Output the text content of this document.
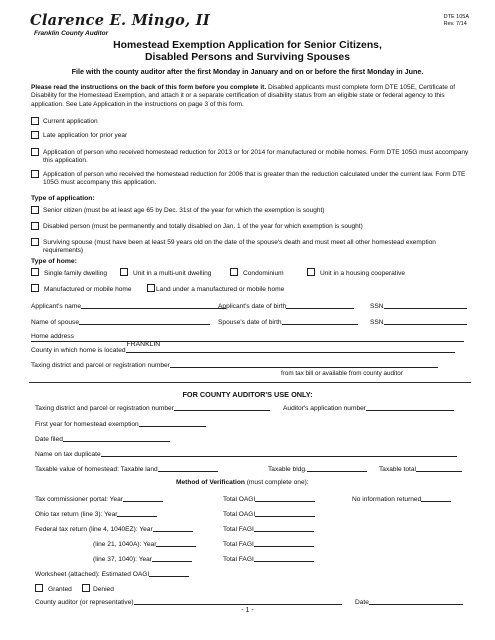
Clarence E. Mingo, II
Franklin County Auditor
DTE 105A
Rev. 7/14
Homestead Exemption Application for Senior Citizens,
Disabled Persons and Surviving Spouses
File with the county auditor after the first Monday in January and on or before the first Monday in June.
Please read the instructions on the back of this form before you complete it. Disabled applicants must complete form DTE 105E, Certificate of Disability for the Homestead Exemption, and attach it or a separate certification of disability status from an eligible state or federal agency to this application. See Late Application in the instructions on page 3 of this form.
Current application
Late application for prior year
Application of person who received homestead reduction for 2013 or for 2014 for manufactured or mobile homes. Form DTE 105G must accompany this application.
Application of person who received the homestead reduction for 2006 that is greater than the reduction calculated under the current law. Form DTE 105G must accompany this application.
Type of application:
Senior citizen (must be at least age 65 by Dec. 31st of the year for which the exemption is sought)
Disabled person (must be permanently and totally disabled on Jan. 1 of the year for which exemption is sought)
Surviving spouse (must have been at least 59 years old on the date of the spouse's death and must meet all other homestead exemption requirements)
Type of home:
Single family dwelling	Unit in a multi-unit dwelling	Condominium	Unit in a housing cooperative
Manufactured or mobile home	Land under a manufactured or mobile home
Applicant's name	Applicant's date of birth	SSN
Name of spouse	Spouse's date of birth	SSN
Home address
County in which home is located
FRANKLIN
Taxing district and parcel or registration number
from tax bill or available from county auditor
FOR COUNTY AUDITOR'S USE ONLY:
Taxing district and parcel or registration number	Auditor's application number
First year for homestead exemption
Date filed
Name on tax duplicate
Taxable value of homestead: Taxable land	Taxable bldg.	Taxable total
Method of Verification (must complete one):
Tax commissioner portal: Year	Total OAGI	No information returned
Ohio tax return (line 3): Year	Total OAGI
Federal tax return (line 4, 1040EZ): Year	Total FAGI
(line 21, 1040A): Year	Total FAGI
(line 37, 1040): Year	Total FAGI
Worksheet (attached): Estimated OAGI
Granted	Denied
County auditor (or representative)	Date
- 1 -
